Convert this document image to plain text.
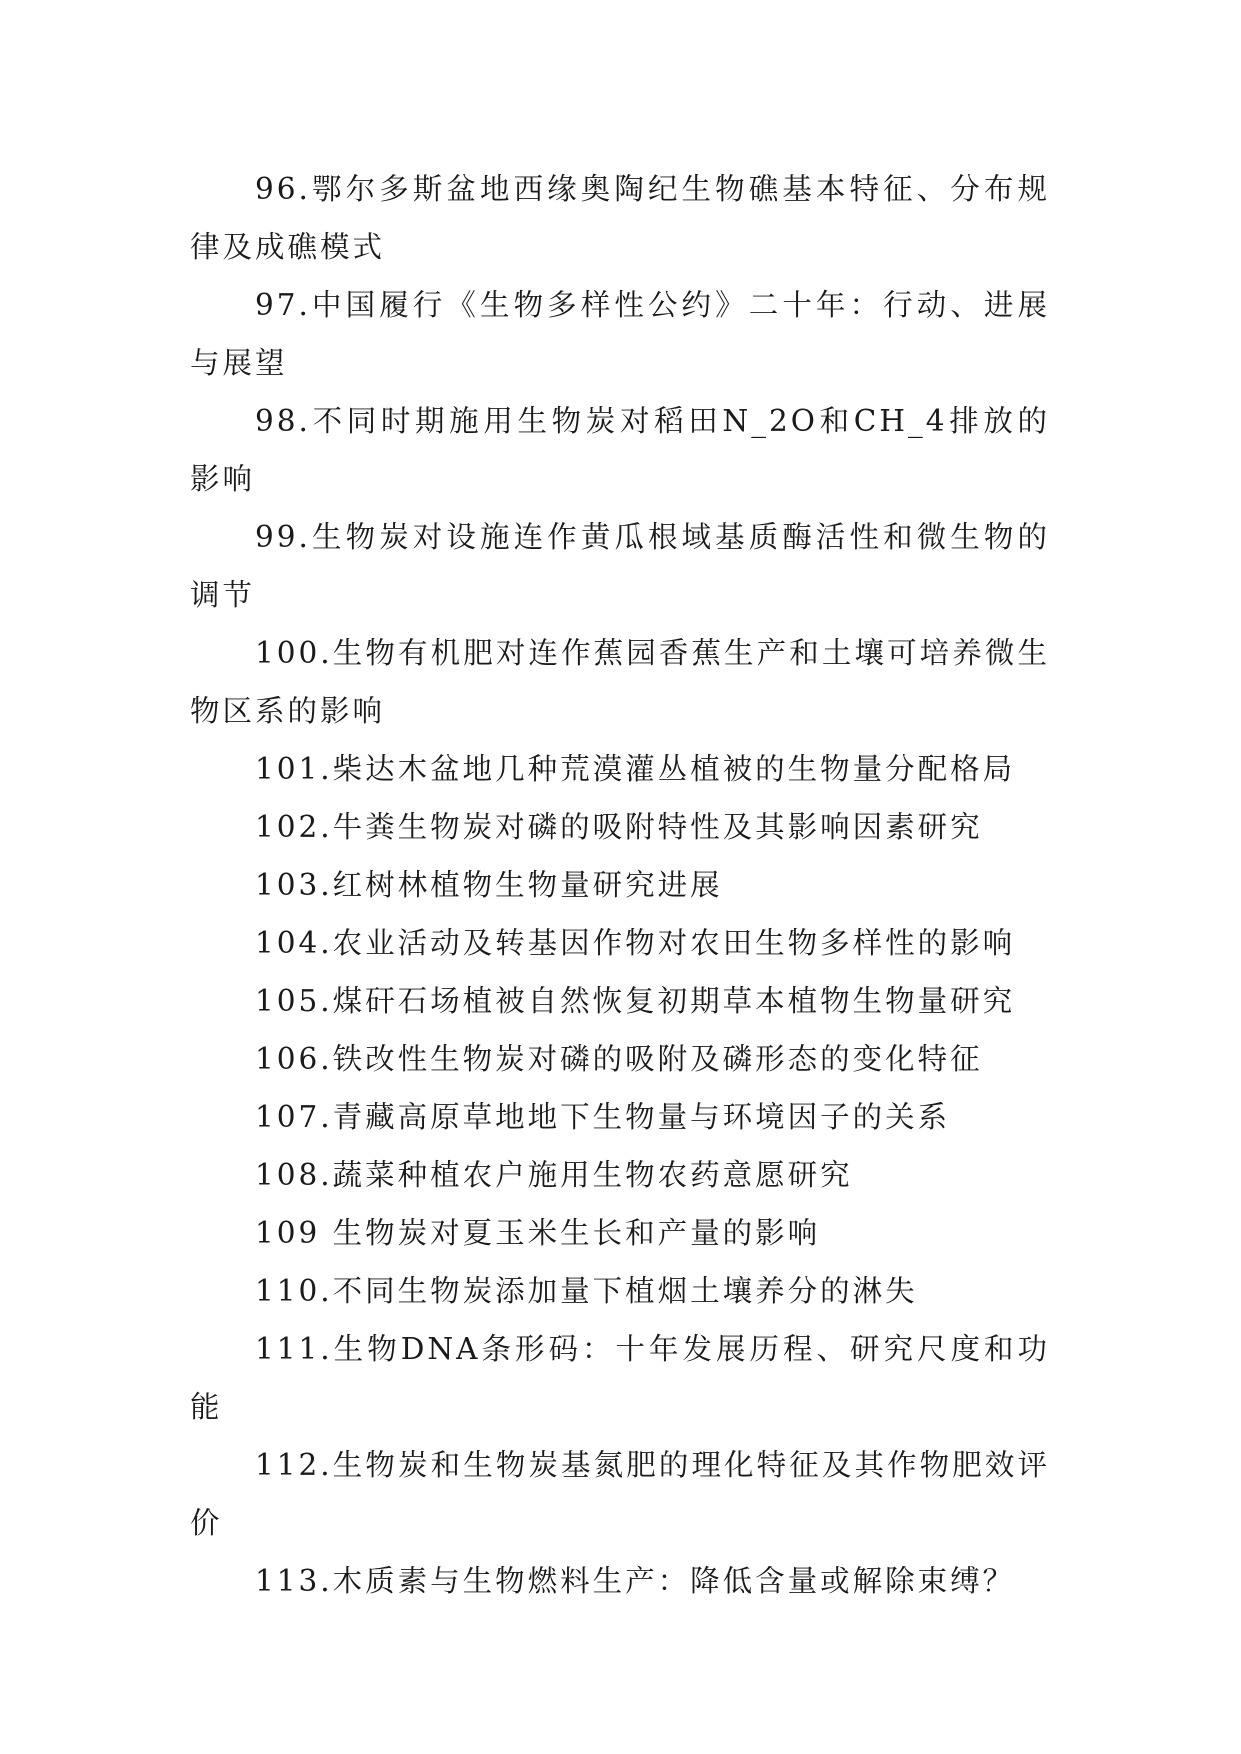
96.鄂尔多斯盆地西缘奥陶纪生物礁基本特征、分布规律及成礁模式

97.中国履行《生物多样性公约》二十年：行动、进展与展望

98.不同时期施用生物炭对稻田N_2O和CH_4排放的影响

99.生物炭对设施连作黄瓜根域基质酶活性和微生物的调节

100.生物有机肥对连作蕉园香蕉生产和土壤可培养微生物区系的影响

101.柴达木盆地几种荒漠灌丛植被的生物量分配格局

102.牛粪生物炭对磷的吸附特性及其影响因素研究

103.红树林植物生物量研究进展

104.农业活动及转基因作物对农田生物多样性的影响

105.煤矸石场植被自然恢复初期草本植物生物量研究

106.铁改性生物炭对磷的吸附及磷形态的变化特征

107.青藏高原草地地下生物量与环境因子的关系

108.蔬菜种植农户施用生物农药意愿研究

109 生物炭对夏玉米生长和产量的影响

110.不同生物炭添加量下植烟土壤养分的淋失

111.生物DNA条形码：十年发展历程、研究尺度和功能

112.生物炭和生物炭基氮肥的理化特征及其作物肥效评价

113.木质素与生物燃料生产：降低含量或解除束缚？
